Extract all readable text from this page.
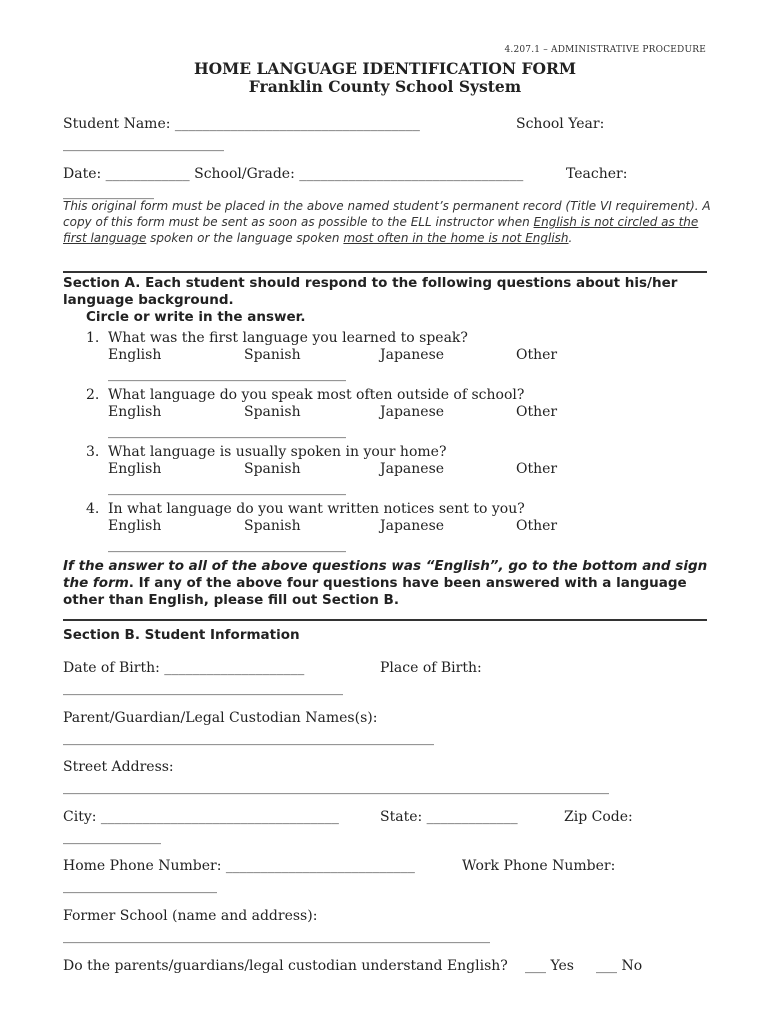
4.207.1 – ADMINISTRATIVE PROCEDURE
HOME LANGUAGE IDENTIFICATION FORM
Franklin County School System
Student Name: ___________________________________	School Year:
_______________________
Date: ____________ School/Grade: ________________________________	Teacher:
_____________
This original form must be placed in the above named student’s permanent record (Title VI requirement). A copy of this form must be sent as soon as possible to the ELL instructor when English is not circled as the first language spoken or the language spoken most often in the home is not English.
Section A. Each student should respond to the following questions about his/her language background.
Circle or write in the answer.
1. What was the first language you learned to speak?
English	Spanish	Japanese	Other
__________________________________
2. What language do you speak most often outside of school?
English	Spanish	Japanese	Other
__________________________________
3. What language is usually spoken in your home?
English	Spanish	Japanese	Other
__________________________________
4. In what language do you want written notices sent to you?
English	Spanish	Japanese	Other
__________________________________
If the answer to all of the above questions was “English”, go to the bottom and sign the form. If any of the above four questions have been answered with a language other than English, please fill out Section B.
Section B. Student Information
Date of Birth: ____________________	Place of Birth:
________________________________________
Parent/Guardian/Legal Custodian Names(s):
_____________________________________________________
Street Address:
______________________________________________________________________________
City: __________________________________	State: _____________	Zip Code:
______________
Home Phone Number: ___________________________	Work Phone Number:
______________________
Former School (name and address):
_____________________________________________________________
Do the parents/guardians/legal custodian understand English? ___ Yes ___ No
